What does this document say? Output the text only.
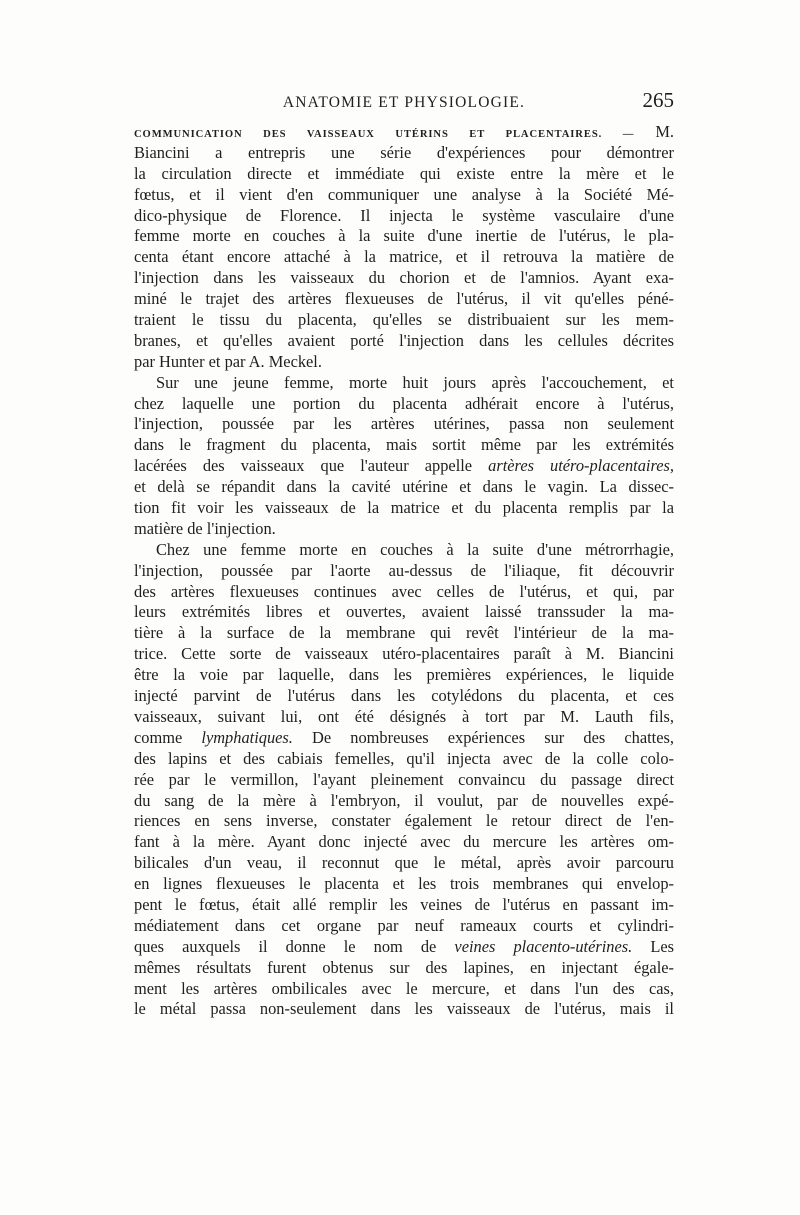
ANATOMIE ET PHYSIOLOGIE.	265
COMMUNICATION DES VAISSEAUX UTÉRINS ET PLACENTAIRES. — M.
Biancini a entrepris une série d'expériences pour démontrer
la circulation directe et immédiate qui existe entre la mère et le
fœtus, et il vient d'en communiquer une analyse à la Société Mé-
dico-physique de Florence. Il injecta le système vasculaire d'une
femme morte en couches à la suite d'une inertie de l'utérus, le pla-
centa étant encore attaché à la matrice, et il retrouva la matière de
l'injection dans les vaisseaux du chorion et de l'amnios. Ayant exa-
miné le trajet des artères flexueuses de l'utérus, il vit qu'elles péné-
traient le tissu du placenta, qu'elles se distribuaient sur les mem-
branes, et qu'elles avaient porté l'injection dans les cellules décrites
par Hunter et par A. Meckel.
Sur une jeune femme, morte huit jours après l'accouchement, et
chez laquelle une portion du placenta adhérait encore à l'utérus,
l'injection, poussée par les artères utérines, passa non seulement
dans le fragment du placenta, mais sortit même par les extrémités
lacérées des vaisseaux que l'auteur appelle artères utéro-placentaires,
et delà se répandit dans la cavité utérine et dans le vagin. La dissec-
tion fit voir les vaisseaux de la matrice et du placenta remplis par la
matière de l'injection.
Chez une femme morte en couches à la suite d'une métrorrhagie,
l'injection, poussée par l'aorte au-dessus de l'iliaque, fit découvrir
des artères flexueuses continues avec celles de l'utérus, et qui, par
leurs extrémités libres et ouvertes, avaient laissé transsuder la ma-
tière à la surface de la membrane qui revêt l'intérieur de la ma-
trice. Cette sorte de vaisseaux utéro-placentaires paraît à M. Biancini
être la voie par laquelle, dans les premières expériences, le liquide
injecté parvint de l'utérus dans les cotylédons du placenta, et ces
vaisseaux, suivant lui, ont été désignés à tort par M. Lauth fils,
comme lymphatiques. De nombreuses expériences sur des chattes,
des lapins et des cabiais femelles, qu'il injecta avec de la colle colo-
rée par le vermillon, l'ayant pleinement convaincu du passage direct
du sang de la mère à l'embryon, il voulut, par de nouvelles expé-
riences en sens inverse, constater également le retour direct de l'en-
fant à la mère. Ayant donc injecté avec du mercure les artères om-
bilicales d'un veau, il reconnut que le métal, après avoir parcouru
en lignes flexueuses le placenta et les trois membranes qui envelop-
pent le fœtus, était allé remplir les veines de l'utérus en passant im-
médiatement dans cet organe par neuf rameaux courts et cylindri-
ques auxquels il donne le nom de veines placento-utérines. Les
mêmes résultats furent obtenus sur des lapines, en injectant égale-
ment les artères ombilicales avec le mercure, et dans l'un des cas,
le métal passa non-seulement dans les vaisseaux de l'utérus, mais il
